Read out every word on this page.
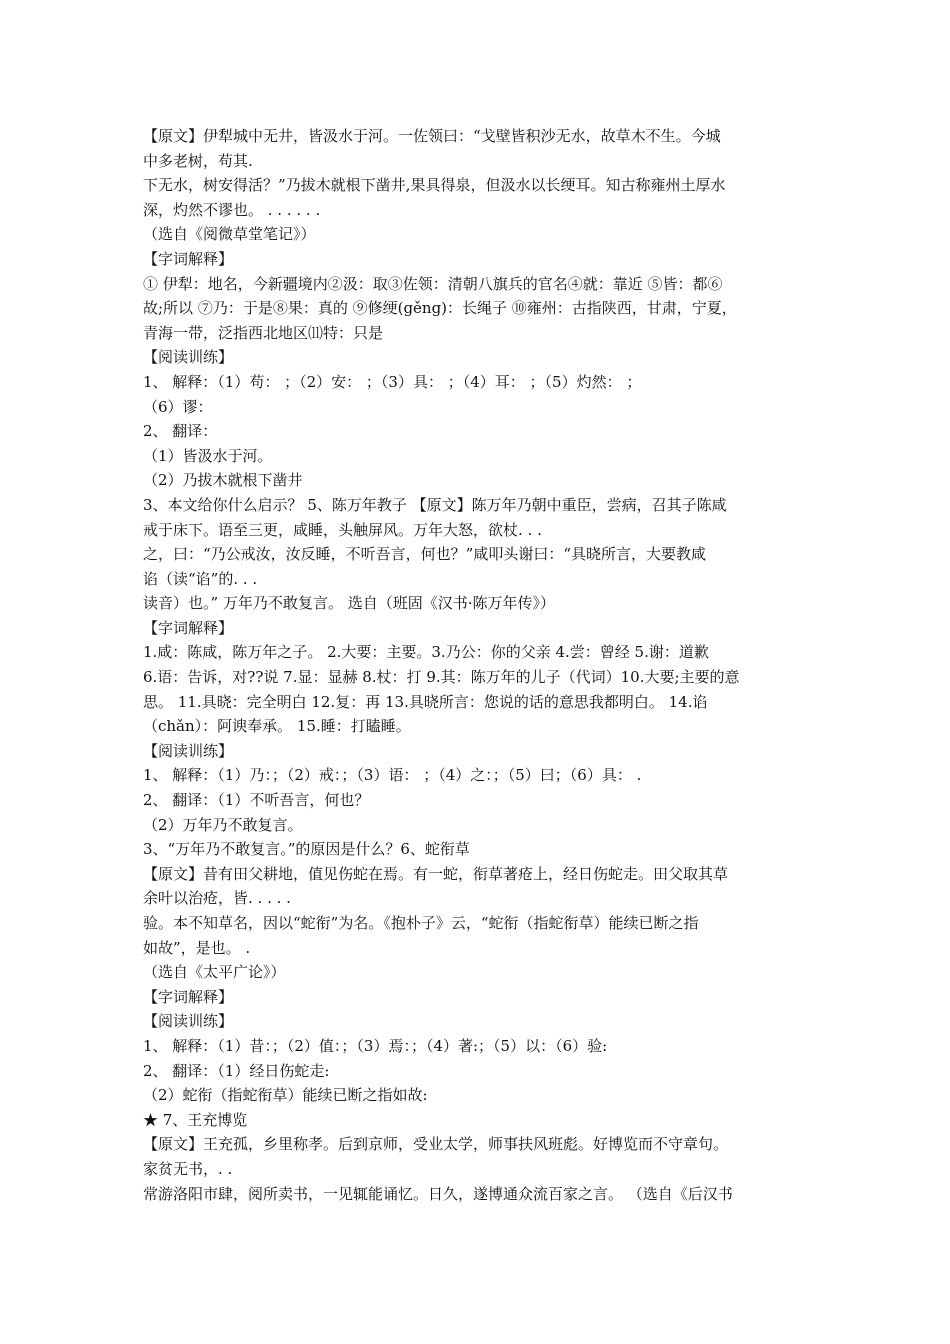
【原文】伊犁城中无井，皆汲水于河。一佐领曰：“戈壁皆积沙无水，故草木不生。今城

中多老树，苟其.

下无水，树安得活？”乃拔木就根下凿井,果具得泉，但汲水以长绠耳。知古称雍州土厚水

深，灼然不谬也。 . . . . . .

（选自《阅微草堂笔记》）

【字词解释】

① 伊犁：地名，今新疆境内②汲：取③佐领：清朝八旗兵的官名④就：靠近 ⑤皆：都⑥

故;所以 ⑦乃：于是⑧果：真的 ⑨修绠(gěng)：长绳子 ⑩雍州：古指陕西，甘肃，宁夏，

青海一带，泛指西北地区⑾特：只是

【阅读训练】

1、 解释：（1）苟： ；（2）安： ；（3）具： ；（4）耳： ；（5）灼然： ；

（6）谬：

2、 翻译：

（1）皆汲水于河。

（2）乃拔木就根下凿井

3、本文给你什么启示？ 5、陈万年教子 【原文】陈万年乃朝中重臣，尝病，召其子陈咸

戒于床下。语至三更，咸睡，头触屏风。万年大怒，欲杖. . .

之，曰：“乃公戒汝，汝反睡，不听吾言，何也？”咸叩头谢曰：“具晓所言，大要教咸

谄（读“谄”的. . .

读音）也。” 万年乃不敢复言。 选自（班固《汉书·陈万年传》）

【字词解释】

1.咸：陈咸，陈万年之子。 2.大要：主要。3.乃公：你的父亲 4.尝：曾经 5.谢：道歉

6.语：告诉，对??说 7.显：显赫 8.杖：打 9.其：陈万年的儿子（代词）10.大要;主要的意

思。 11.具晓：完全明白 12.复：再 13.具晓所言：您说的话的意思我都明白。 14.谄

（chǎn）：阿谀奉承。 15.睡：打瞌睡。

【阅读训练】

1、 解释：（1）乃：；（2）戒：；（3）语： ；（4）之：；（5）曰；（6）具： .

2、 翻译：（1）不听吾言，何也？

（2）万年乃不敢复言。

3、“万年乃不敢复言。”的原因是什么？6、蛇衔草

【原文】昔有田父耕地，值见伤蛇在焉。有一蛇，衔草著疮上，经日伤蛇走。田父取其草

余叶以治疮，皆. . . . .

验。本不知草名，因以“蛇衔”为名。《抱朴子》云，“蛇衔（指蛇衔草）能续已断之指

如故”，是也。 .

（选自《太平广论》）

【字词解释】

【阅读训练】

1、 解释：（1）昔：；（2）值：；（3）焉：；（4）著:；（5）以：（6）验:

2、 翻译：（1）经日伤蛇走:

（2）蛇衔（指蛇衔草）能续已断之指如故:

★ 7、王充博览

【原文】王充孤，乡里称孝。后到京师，受业太学，师事扶风班彪。好博览而不守章句。

家贫无书，. .

常游洛阳市肆，阅所卖书，一见辄能诵忆。日久，遂博通众流百家之言。 （选自《后汉书
